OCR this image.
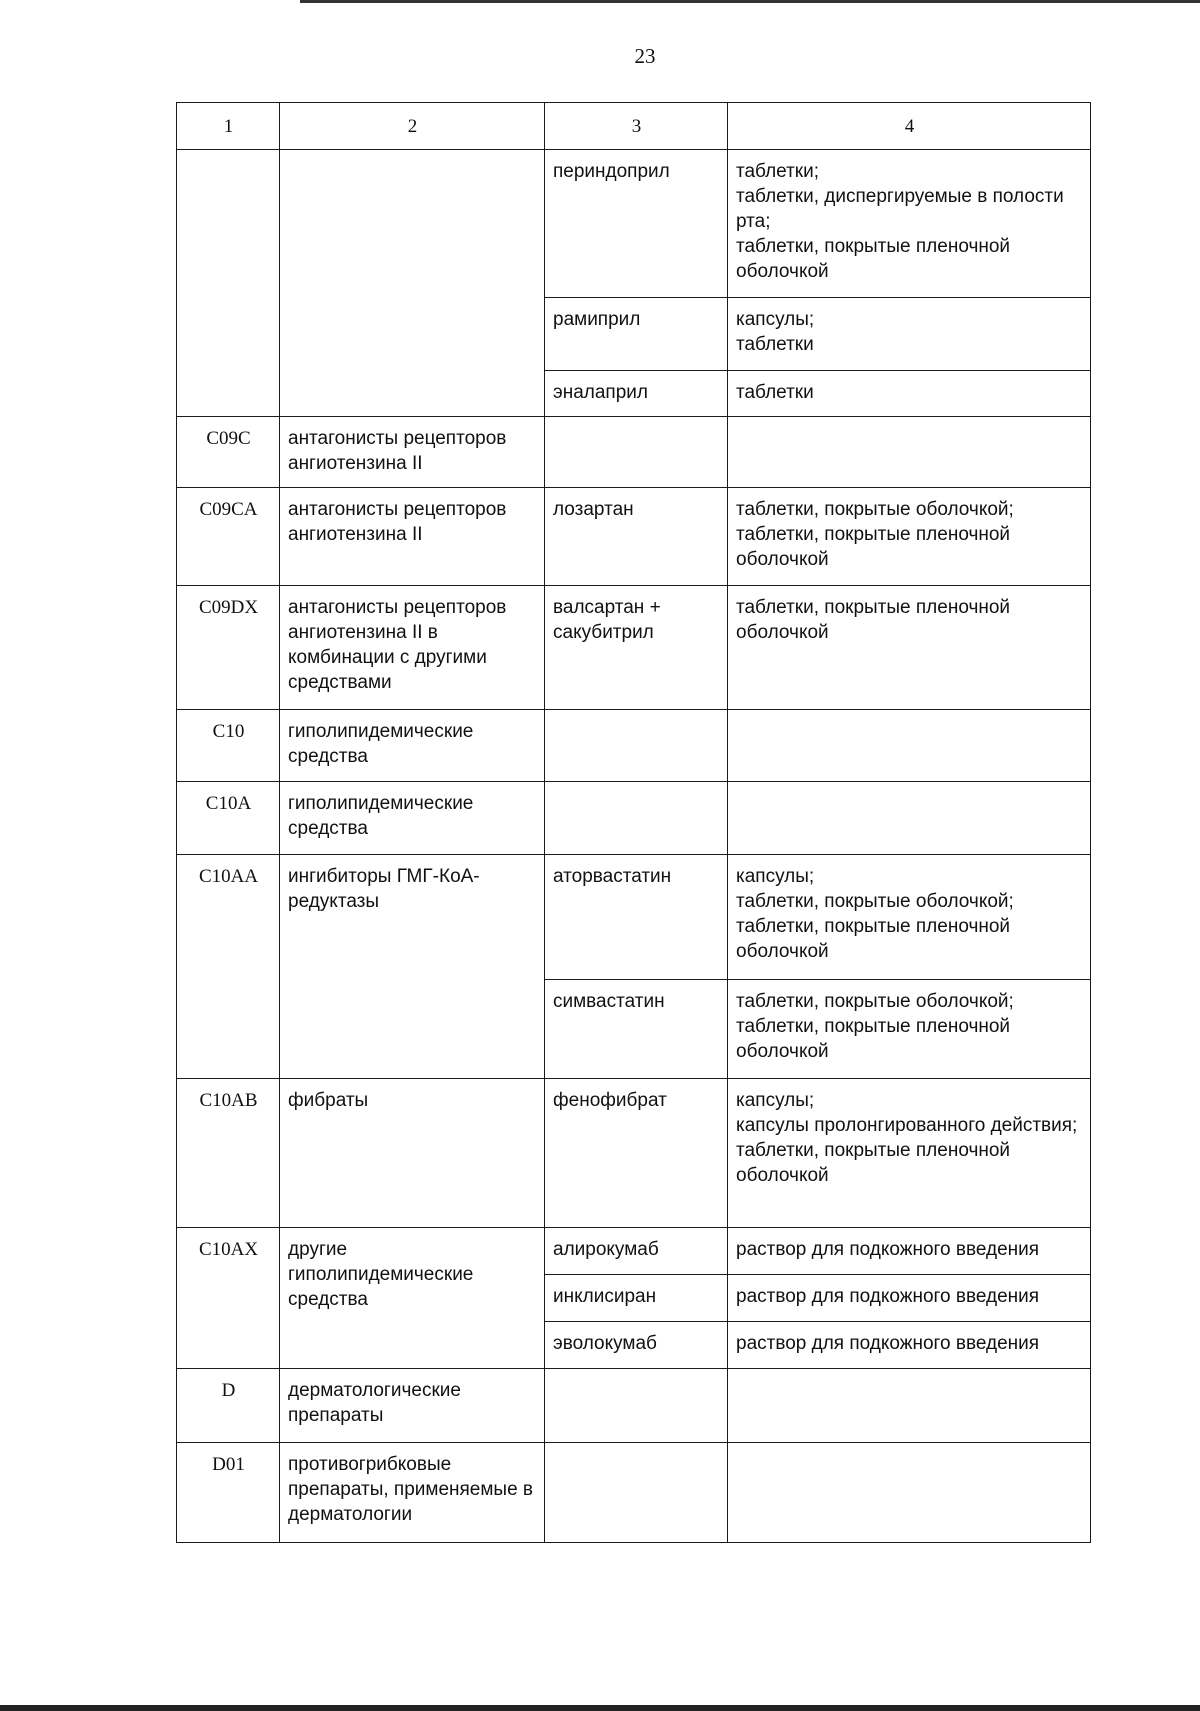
23
1	2	3	4
		периндоприл	таблетки;
таблетки, диспергируемые в полости рта;
таблетки, покрытые пленочной оболочкой
		рамиприл	капсулы;
таблетки
		эналаприл	таблетки
C09C	антагонисты рецепторов ангиотензина II		
C09CA	антагонисты рецепторов ангиотензина II	лозартан	таблетки, покрытые оболочкой;
таблетки, покрытые пленочной оболочкой
C09DX	антагонисты рецепторов ангиотензина II в комбинации с другими средствами	валсартан + сакубитрил	таблетки, покрытые пленочной оболочкой
C10	гиполипидемические средства		
C10A	гиполипидемические средства		
C10AA	ингибиторы ГМГ-КоА-редуктазы	аторвастатин	капсулы;
таблетки, покрытые оболочкой;
таблетки, покрытые пленочной оболочкой
		симвастатин	таблетки, покрытые оболочкой;
таблетки, покрытые пленочной оболочкой
C10AB	фибраты	фенофибрат	капсулы;
капсулы пролонгированного действия;
таблетки, покрытые пленочной оболочкой
C10AX	другие гиполипидемические средства	алирокумаб	раствор для подкожного введения
		инклисиран	раствор для подкожного введения
		эволокумаб	раствор для подкожного введения
D	дерматологические препараты		
D01	противогрибковые препараты, применяемые в дерматологии		
